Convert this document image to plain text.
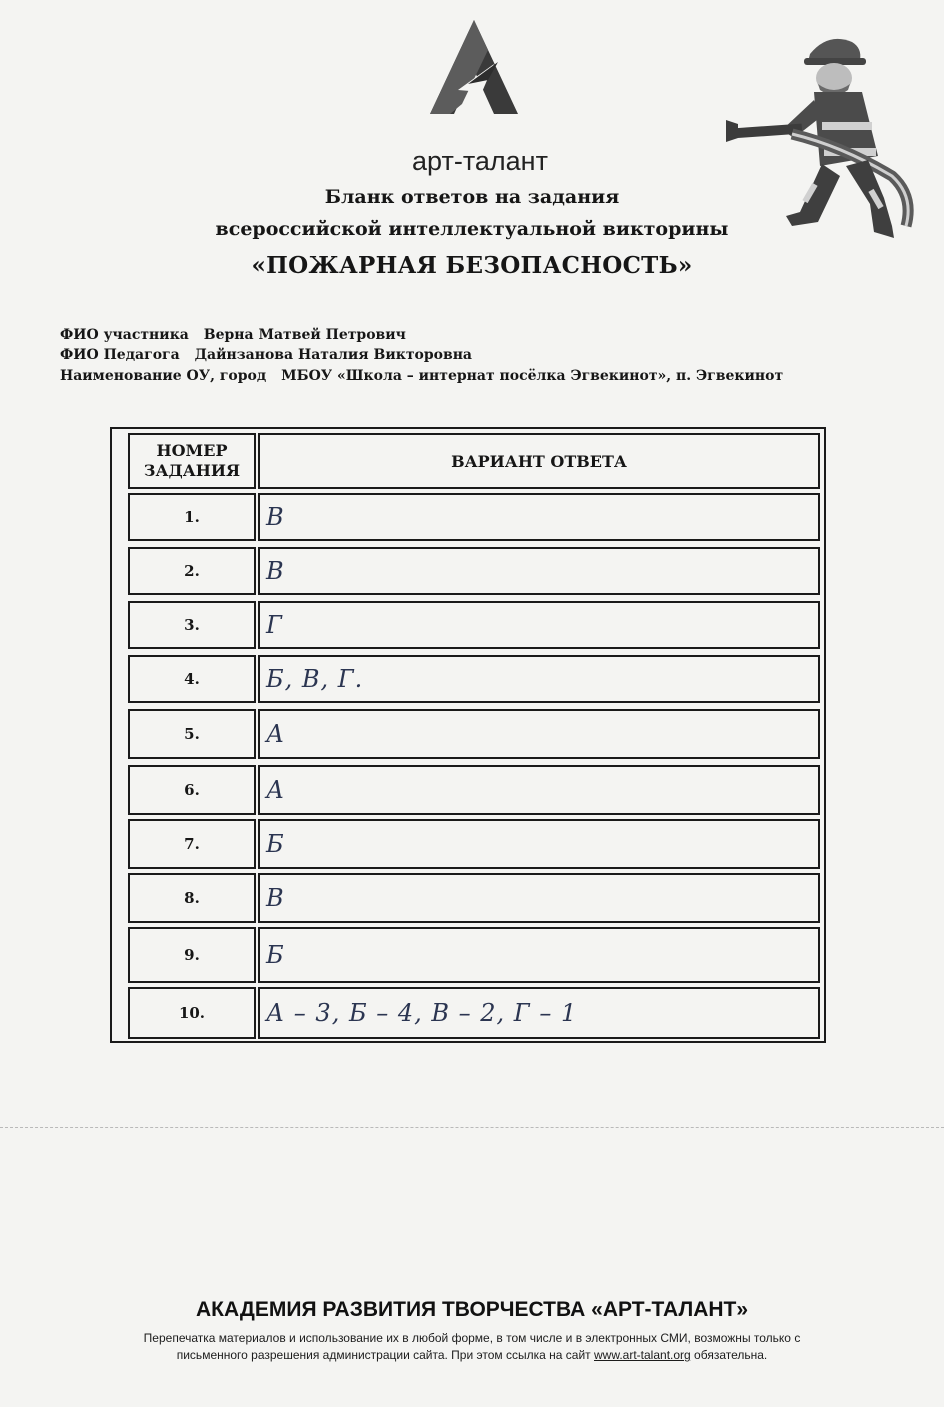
арт-талант
Бланк ответов на задания
всероссийской интеллектуальной викторины
«ПОЖАРНАЯ БЕЗОПАСНОСТЬ»
ФИО участника Верна Матвей Петрович
ФИО Педагога Дайнзанова Наталия Викторовна
Наименование ОУ, город МБОУ «Школа – интернат посёлка Эгвекинот», п. Эгвекинот
НОМЕР
ЗАДАНИЯ	ВАРИАНТ ОТВЕТА
1.	В
2.	В
3.	Г
4.	Б, В, Г.
5.	А
6.	А
7.	Б
8.	В
9.	Б
10.	А – 3, Б – 4, В – 2, Г – 1
АКАДЕМИЯ РАЗВИТИЯ ТВОРЧЕСТВА «АРТ-ТАЛАНТ»
Перепечатка материалов и использование их в любой форме, в том числе и в электронных СМИ, возможны только с
письменного разрешения администрации сайта. При этом ссылка на сайт www.art-talant.org обязательна.
